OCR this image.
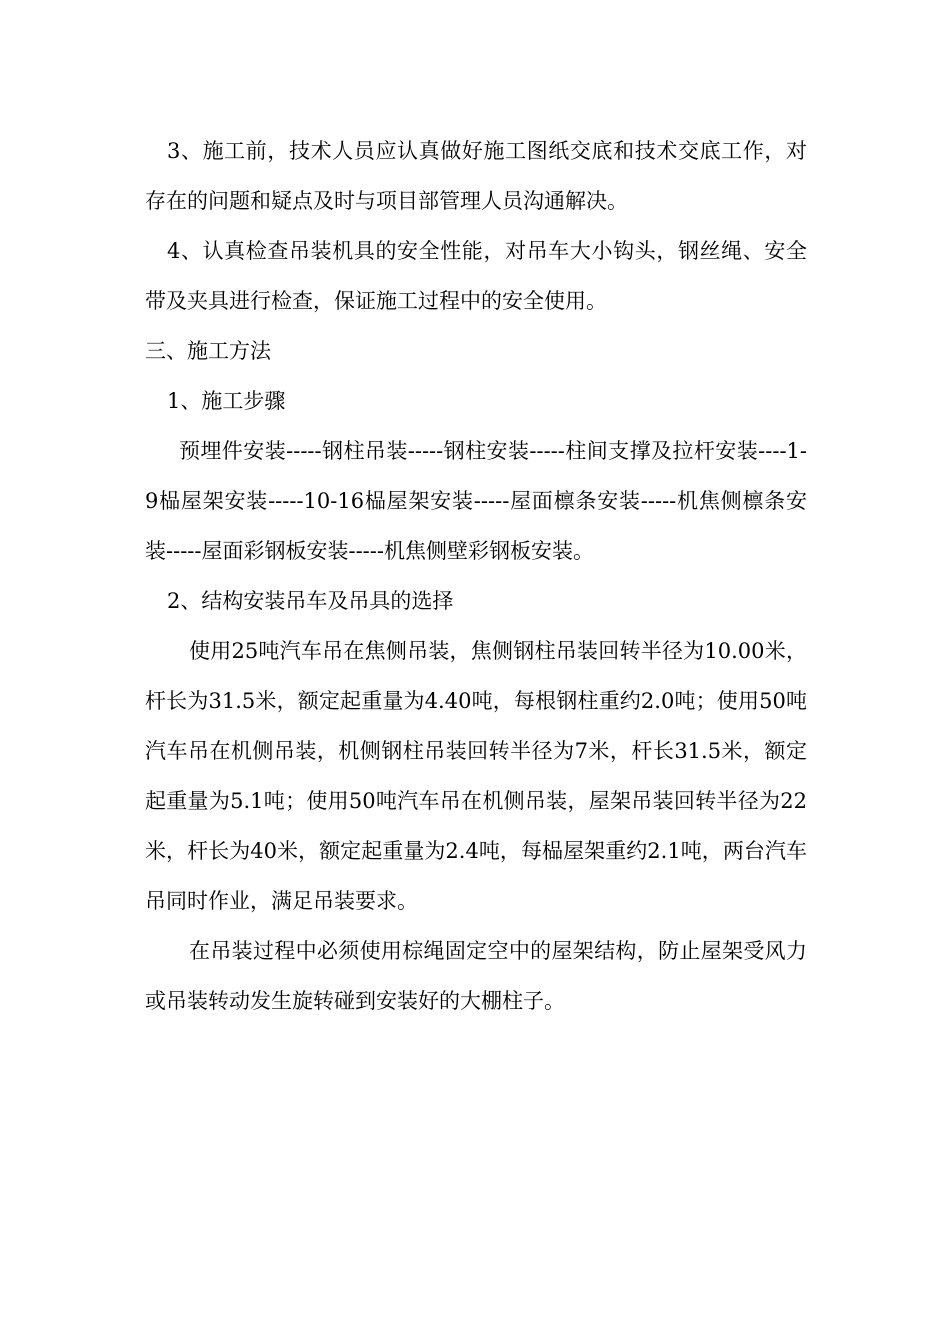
3、施工前，技术人员应认真做好施工图纸交底和技术交底工作，对存在的问题和疑点及时与项目部管理人员沟通解决。

4、认真检查吊装机具的安全性能，对吊车大小钩头，钢丝绳、安全带及夹具进行检查，保证施工过程中的安全使用。

三、施工方法

1、施工步骤

预埋件安装-----钢柱吊装-----钢柱安装-----柱间支撑及拉杆安装----1-9榀屋架安装-----10-16榀屋架安装-----屋面檩条安装-----机焦侧檩条安装-----屋面彩钢板安装-----机焦侧壁彩钢板安装。

2、结构安装吊车及吊具的选择

使用25吨汽车吊在焦侧吊装，焦侧钢柱吊装回转半径为10.00米，杆长为31.5米，额定起重量为4.40吨，每根钢柱重约2.0吨；使用50吨汽车吊在机侧吊装，机侧钢柱吊装回转半径为7米，杆长31.5米，额定起重量为5.1吨；使用50吨汽车吊在机侧吊装，屋架吊装回转半径为22米，杆长为40米，额定起重量为2.4吨，每榀屋架重约2.1吨，两台汽车吊同时作业，满足吊装要求。

在吊装过程中必须使用棕绳固定空中的屋架结构，防止屋架受风力或吊装转动发生旋转碰到安装好的大棚柱子。
